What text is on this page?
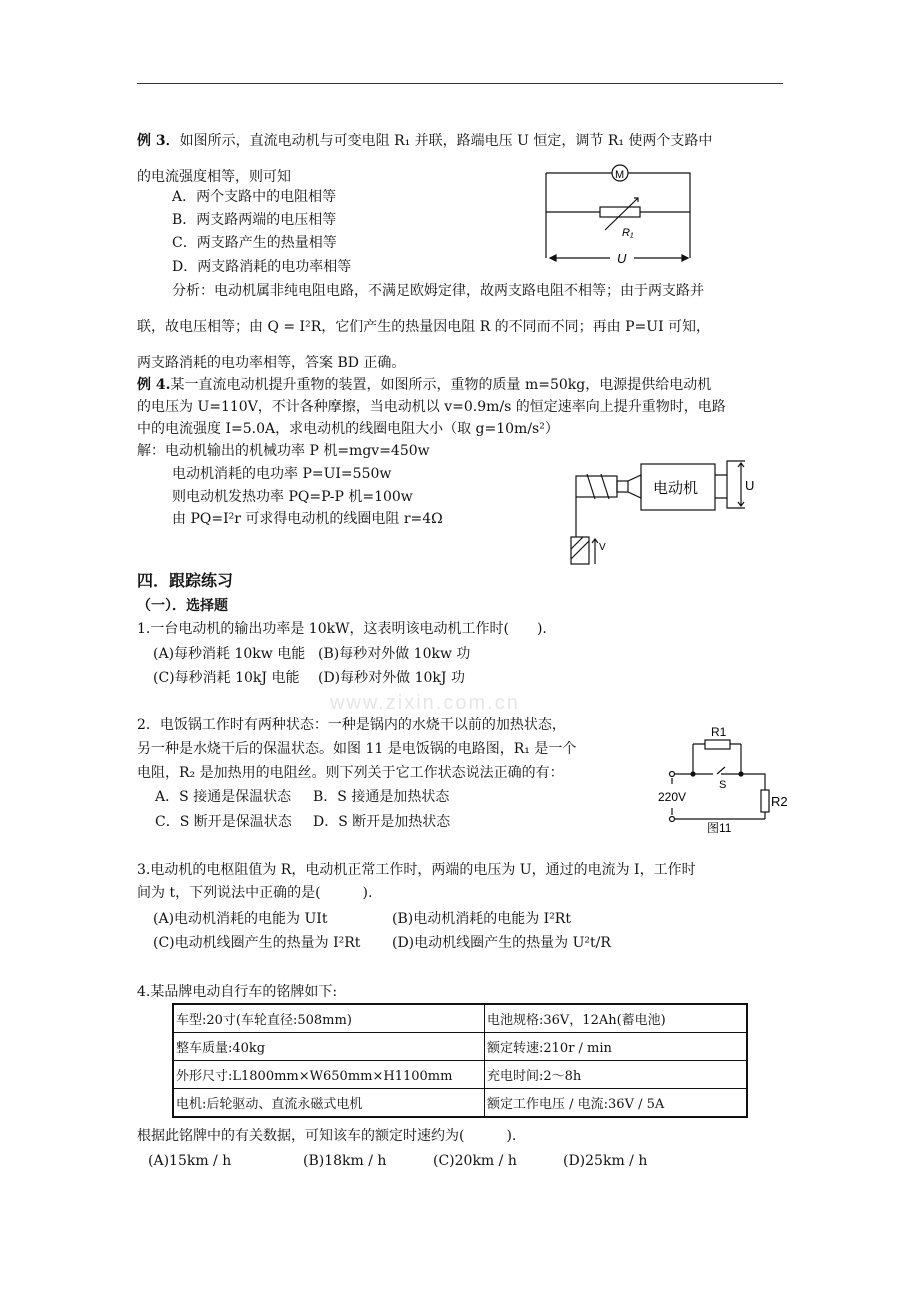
www.zixin.com.cn
例 3．如图所示，直流电动机与可变电阻 R₁ 并联，路端电压 U 恒定，调节 R₁ 使两个支路中
的电流强度相等，则可知
A．两个支路中的电阻相等
B．两支路两端的电压相等
C．两支路产生的热量相等
D．两支路消耗的电功率相等
分析：电动机属非纯电阻电路，不满足欧姆定律，故两支路电阻不相等；由于两支路并
联，故电压相等；由 Q = I²R，它们产生的热量因电阻 R 的不同而不同；再由 P=UI 可知，
两支路消耗的电功率相等，答案 BD 正确。
M
R₁
U
例 4.某一直流电动机提升重物的装置，如图所示，重物的质量 m=50kg，电源提供给电动机
的电压为 U=110V，不计各种摩擦，当电动机以 v=0.9m/s 的恒定速率向上提升重物时，电路
中的电流强度 I=5.0A，求电动机的线圈电阻大小（取 g=10m/s²）
解：电动机输出的机械功率 P 机=mgv=450w
电动机消耗的电功率 P=UI=550w
则电动机发热功率 PQ=P-P 机=100w
由 PQ=I²r 可求得电动机的线圈电阻 r=4Ω
电动机	U
V
四．跟踪练习
（一）．选择题
1.一台电动机的输出功率是 10kW，这表明该电动机工作时(　　).
(A)每秒消耗 10kw 电能 (B)每秒对外做 10kw 功
(C)每秒消耗 10kJ 电能 (D)每秒对外做 10kJ 功
2．电饭锅工作时有两种状态：一种是锅内的水烧干以前的加热状态，
另一种是水烧干后的保温状态。如图 11 是电饭锅的电路图，R₁ 是一个
电阻，R₂ 是加热用的电阻丝。则下列关于它工作状态说法正确的有：
A．S 接通是保温状态 B．S 接通是加热状态
C．S 断开是保温状态 D．S 断开是加热状态
R1
S
220V	R2
图11
3.电动机的电枢阻值为 R，电动机正常工作时，两端的电压为 U，通过的电流为 I，工作时
间为 t，下列说法中正确的是(　　　).
(A)电动机消耗的电能为 UIt	(B)电动机消耗的电能为 I²Rt
(C)电动机线圈产生的热量为 I²Rt (D)电动机线圈产生的热量为 U²t/R
4.某品牌电动自行车的铭牌如下:
车型:20寸(车轮直径:508mm)	电池规格:36V，12Ah(蓄电池)
整车质量:40kg	额定转速:210r / min
外形尺寸:L1800mm×W650mm×H1100mm	充电时间:2～8h
电机:后轮驱动、直流永磁式电机	额定工作电压 / 电流:36V / 5A
根据此铭牌中的有关数据，可知该车的额定时速约为(　　　).
(A)15km / h	(B)18km / h	(C)20km / h	(D)25km / h
